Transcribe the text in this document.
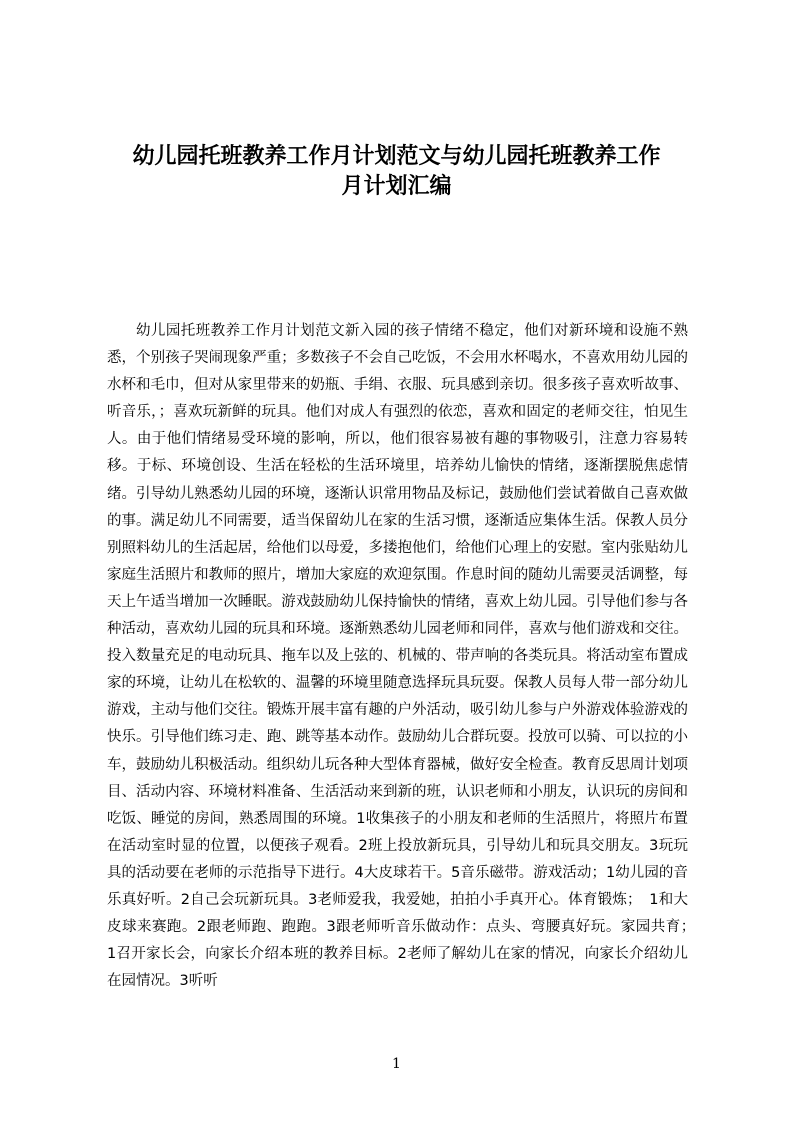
幼儿园托班教养工作月计划范文与幼儿园托班教养工作
月计划汇编

幼儿园托班教养工作月计划范文新入园的孩子情绪不稳定，他们对新环境和设施不熟悉，个别孩子哭闹现象严重；多数孩子不会自己吃饭，不会用水杯喝水，不喜欢用幼儿园的水杯和毛巾，但对从家里带来的奶瓶、手绢、衣服、玩具感到亲切。很多孩子喜欢听故事、听音乐，；喜欢玩新鲜的玩具。他们对成人有强烈的依恋，喜欢和固定的老师交往，怕见生人。由于他们情绪易受环境的影响，所以，他们很容易被有趣的事物吸引，注意力容易转移。于标、环境创设、生活在轻松的生活环境里，培养幼儿愉快的情绪，逐渐摆脱焦虑情绪。引导幼儿熟悉幼儿园的环境，逐渐认识常用物品及标记，鼓励他们尝试着做自己喜欢做的事。满足幼儿不同需要，适当保留幼儿在家的生活习惯，逐渐适应集体生活。保教人员分别照料幼儿的生活起居，给他们以母爱，多搂抱他们，给他们心理上的安慰。室内张贴幼儿家庭生活照片和教师的照片，增加大家庭的欢迎氛围。作息时间的随幼儿需要灵活调整，每天上午适当增加一次睡眠。游戏鼓励幼儿保持愉快的情绪，喜欢上幼儿园。引导他们参与各种活动，喜欢幼儿园的玩具和环境。逐渐熟悉幼儿园老师和同伴，喜欢与他们游戏和交往。投入数量充足的电动玩具、拖车以及上弦的、机械的、带声响的各类玩具。将活动室布置成家的环境，让幼儿在松软的、温馨的环境里随意选择玩具玩耍。保教人员每人带一部分幼儿游戏，主动与他们交往。锻炼开展丰富有趣的户外活动，吸引幼儿参与户外游戏体验游戏的快乐。引导他们练习走、跑、跳等基本动作。鼓励幼儿合群玩耍。投放可以骑、可以拉的小车，鼓励幼儿积极活动。组织幼儿玩各种大型体育器械，做好安全检查。教育反思周计划项目、活动内容、环境材料准备、生活活动来到新的班，认识老师和小朋友，认识玩的房间和吃饭、睡觉的房间，熟悉周围的环境。1收集孩子的小朋友和老师的生活照片，将照片布置在活动室时显的位置，以便孩子观看。2班上投放新玩具，引导幼儿和玩具交朋友。3玩玩具的活动要在老师的示范指导下进行。4大皮球若干。5音乐磁带。游戏活动；1幼儿园的音乐真好听。2自己会玩新玩具。3老师爱我，我爱她，拍拍小手真开心。体育锻炼；　1和大皮球来赛跑。2跟老师跑、跑跑。3跟老师听音乐做动作：点头、弯腰真好玩。家园共育；　1召开家长会，向家长介绍本班的教养目标。2老师了解幼儿在家的情况，向家长介绍幼儿在园情况。3听听

1
